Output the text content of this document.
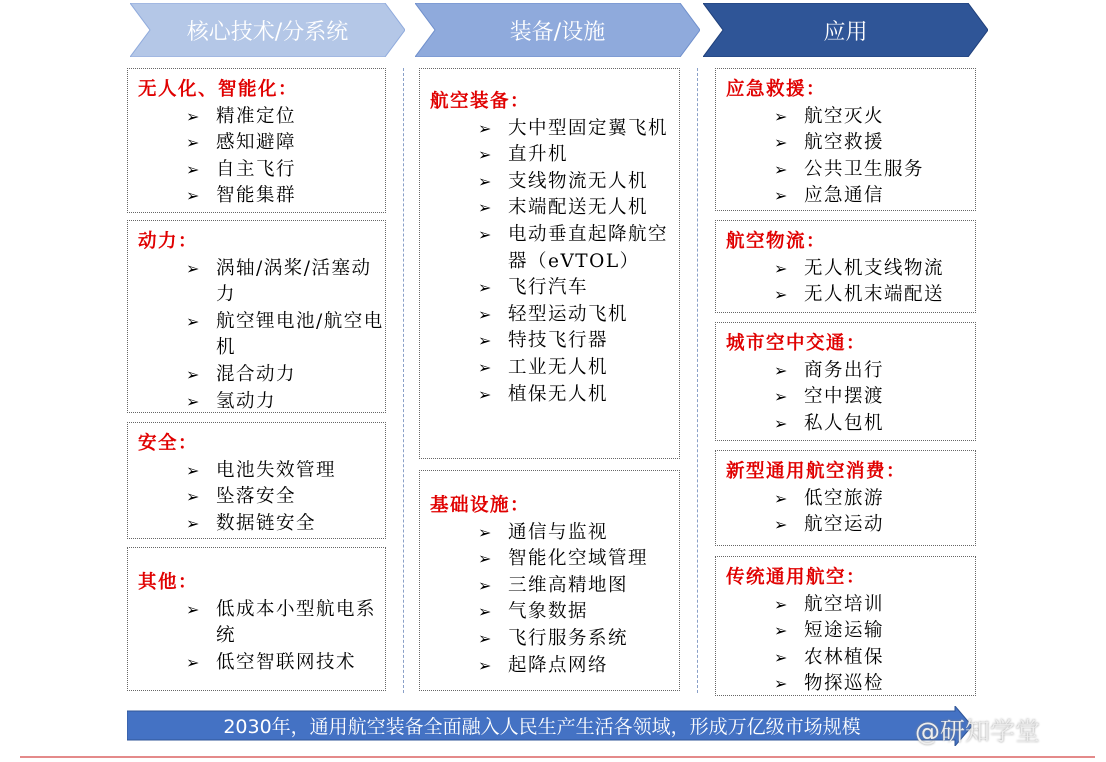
核心技术/分系统	装备/设施	应用
无人化、智能化：
➢ 精准定位
➢ 感知避障
➢ 自主飞行
➢ 智能集群
动力：
➢ 涡轴/涡桨/活塞动力
➢ 航空锂电池/航空电机
➢ 混合动力
➢ 氢动力
安全：
➢ 电池失效管理
➢ 坠落安全
➢ 数据链安全
其他：
➢ 低成本小型航电系统
➢ 低空智联网技术
航空装备：
➢ 大中型固定翼飞机
➢ 直升机
➢ 支线物流无人机
➢ 末端配送无人机
➢ 电动垂直起降航空器（eVTOL）
➢ 飞行汽车
➢ 轻型运动飞机
➢ 特技飞行器
➢ 工业无人机
➢ 植保无人机
基础设施：
➢ 通信与监视
➢ 智能化空域管理
➢ 三维高精地图
➢ 气象数据
➢ 飞行服务系统
➢ 起降点网络
应急救援：
➢ 航空灭火
➢ 航空救援
➢ 公共卫生服务
➢ 应急通信
航空物流：
➢ 无人机支线物流
➢ 无人机末端配送
城市空中交通：
➢ 商务出行
➢ 空中摆渡
➢ 私人包机
新型通用航空消费：
➢ 低空旅游
➢ 航空运动
传统通用航空：
➢ 航空培训
➢ 短途运输
➢ 农林植保
➢ 物探巡检
2030年，通用航空装备全面融入人民生产生活各领域，形成万亿级市场规模	@研知学堂
